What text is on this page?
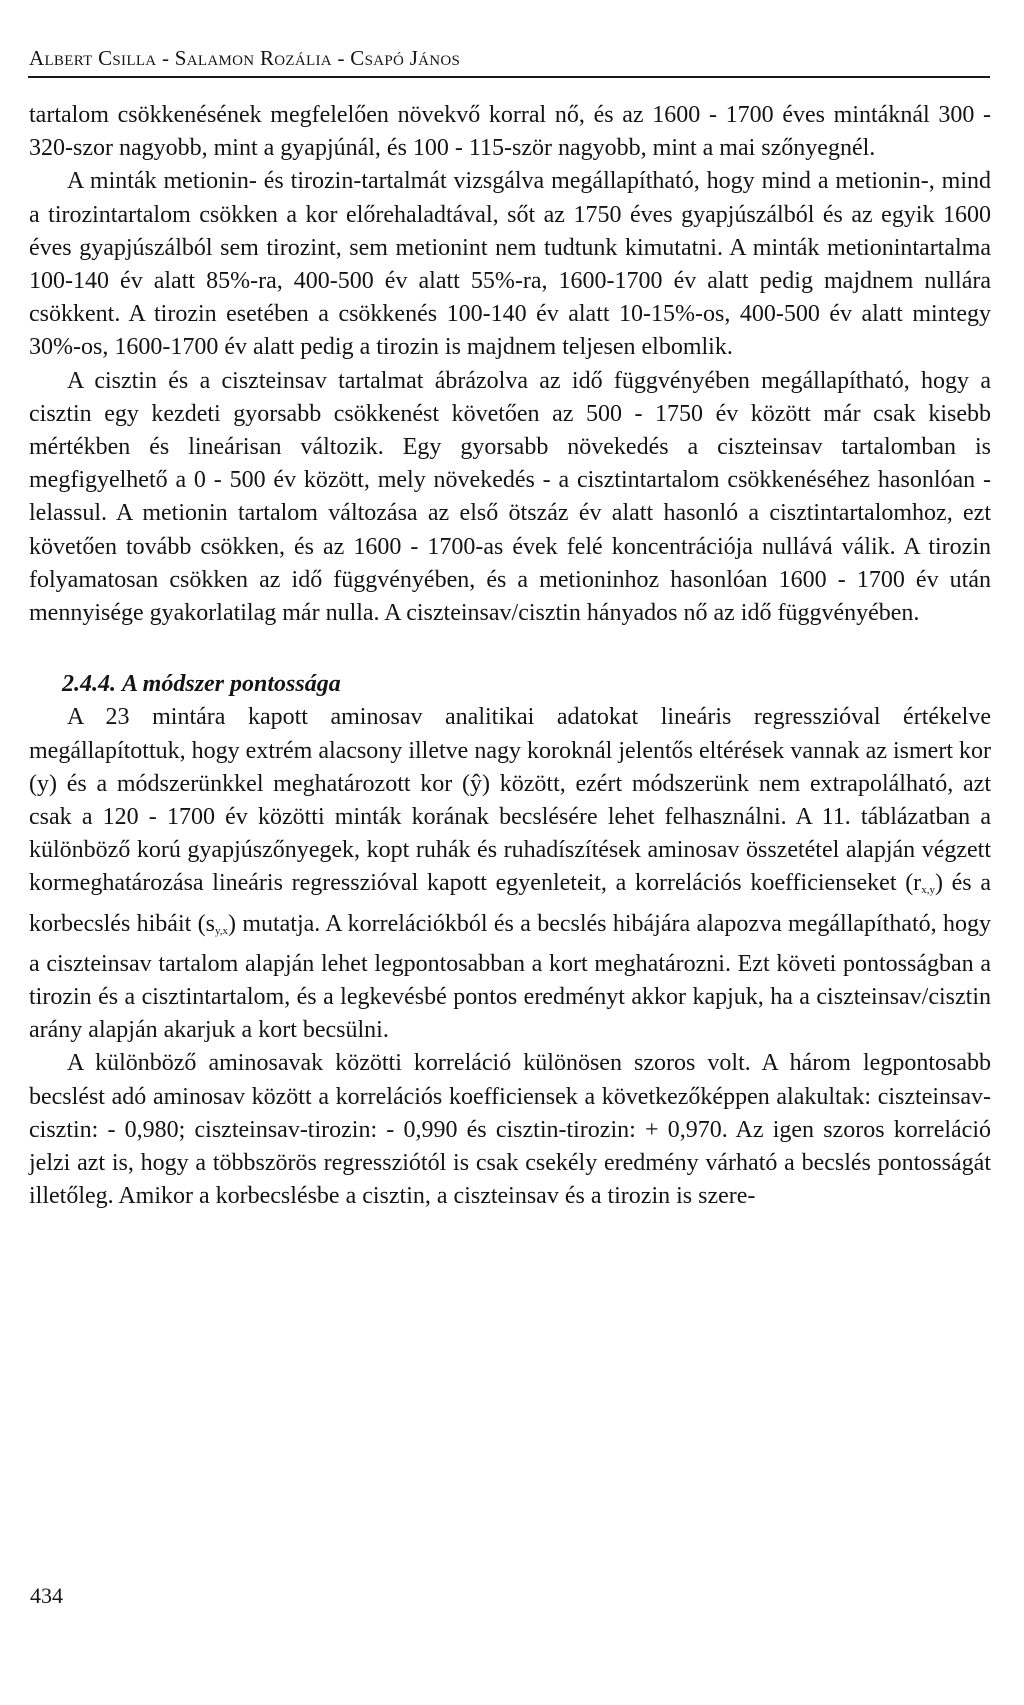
Albert Csilla - Salamon Rozália - Csapó János

tartalom csökkenésének megfelelően növekvő korral nő, és az 1600 - 1700 éves mintáknál 300 - 320-szor nagyobb, mint a gyapjúnál, és 100 - 115-ször nagyobb, mint a mai szőnyegnél.

A minták metionin- és tirozin-tartalmát vizsgálva megállapítható, hogy mind a metionin-, mind a tirozintartalom csökken a kor előrehaladtával, sőt az 1750 éves gyapjúszálból és az egyik 1600 éves gyapjúszálból sem tirozint, sem metionint nem tudtunk kimutatni. A minták metionintartalma 100-140 év alatt 85%-ra, 400-500 év alatt 55%-ra, 1600-1700 év alatt pedig majdnem nullára csökkent. A tirozin esetében a csökkenés 100-140 év alatt 10-15%-os, 400-500 év alatt mintegy 30%-os, 1600-1700 év alatt pedig a tirozin is majdnem teljesen elbomlik.

A cisztin és a ciszteinsav tartalmat ábrázolva az idő függvényében megállapítható, hogy a cisztin egy kezdeti gyorsabb csökkenést követően az 500 - 1750 év között már csak kisebb mértékben és lineárisan változik. Egy gyorsabb növekedés a ciszteinsav tartalomban is megfigyelhető a 0 - 500 év között, mely növekedés - a cisztintartalom csökkenéséhez hasonlóan - lelassul. A metionin tartalom változása az első ötszáz év alatt hasonló a cisztintartalomhoz, ezt követően tovább csökken, és az 1600 - 1700-as évek felé koncentrációja nullává válik. A tirozin folyamatosan csökken az idő függvényében, és a metioninhoz hasonlóan 1600 - 1700 év után mennyisége gyakorlatilag már nulla. A ciszteinsav/cisztin hányados nő az idő függvényében.

2.4.4. A módszer pontossága

A 23 mintára kapott aminosav analitikai adatokat lineáris regresszióval értékelve megállapítottuk, hogy extrém alacsony illetve nagy koroknál jelentős eltérések vannak az ismert kor (y) és a módszerünkkel meghatározott kor (ŷ) között, ezért módszerünk nem extrapolálható, azt csak a 120 - 1700 év közötti minták korának becslésére lehet felhasználni. A 11. táblázatban a különböző korú gyapjúszőnyegek, kopt ruhák és ruhadíszítések aminosav összetétel alapján végzett kormeghatározása lineáris regresszióval kapott egyenleteit, a korrelációs koefficienseket $(r_{x,y})$ és a korbecslés hibáit $(s_{y,x})$ mutatja. A korrelációkból és a becslés hibájára alapozva megállapítható, hogy a ciszteinsav tartalom alapján lehet legpontosabban a kort meghatározni. Ezt követi pontosságban a tirozin és a cisztintartalom, és a legkevésbé pontos eredményt akkor kapjuk, ha a ciszteinsav/cisztin arány alapján akarjuk a kort becsülni.

A különböző aminosavak közötti korreláció különösen szoros volt. A három legpontosabb becslést adó aminosav között a korrelációs koefficiensek a következőképpen alakultak: ciszteinsav-cisztin: - 0,980; ciszteinsav-tirozin: - 0,990 és cisztin-tirozin: + 0,970. Az igen szoros korreláció jelzi azt is, hogy a többszörös regressziótól is csak csekély eredmény várható a becslés pontosságát illetőleg. Amikor a korbecslésbe a cisztin, a ciszteinsav és a tirozin is szere-

434
